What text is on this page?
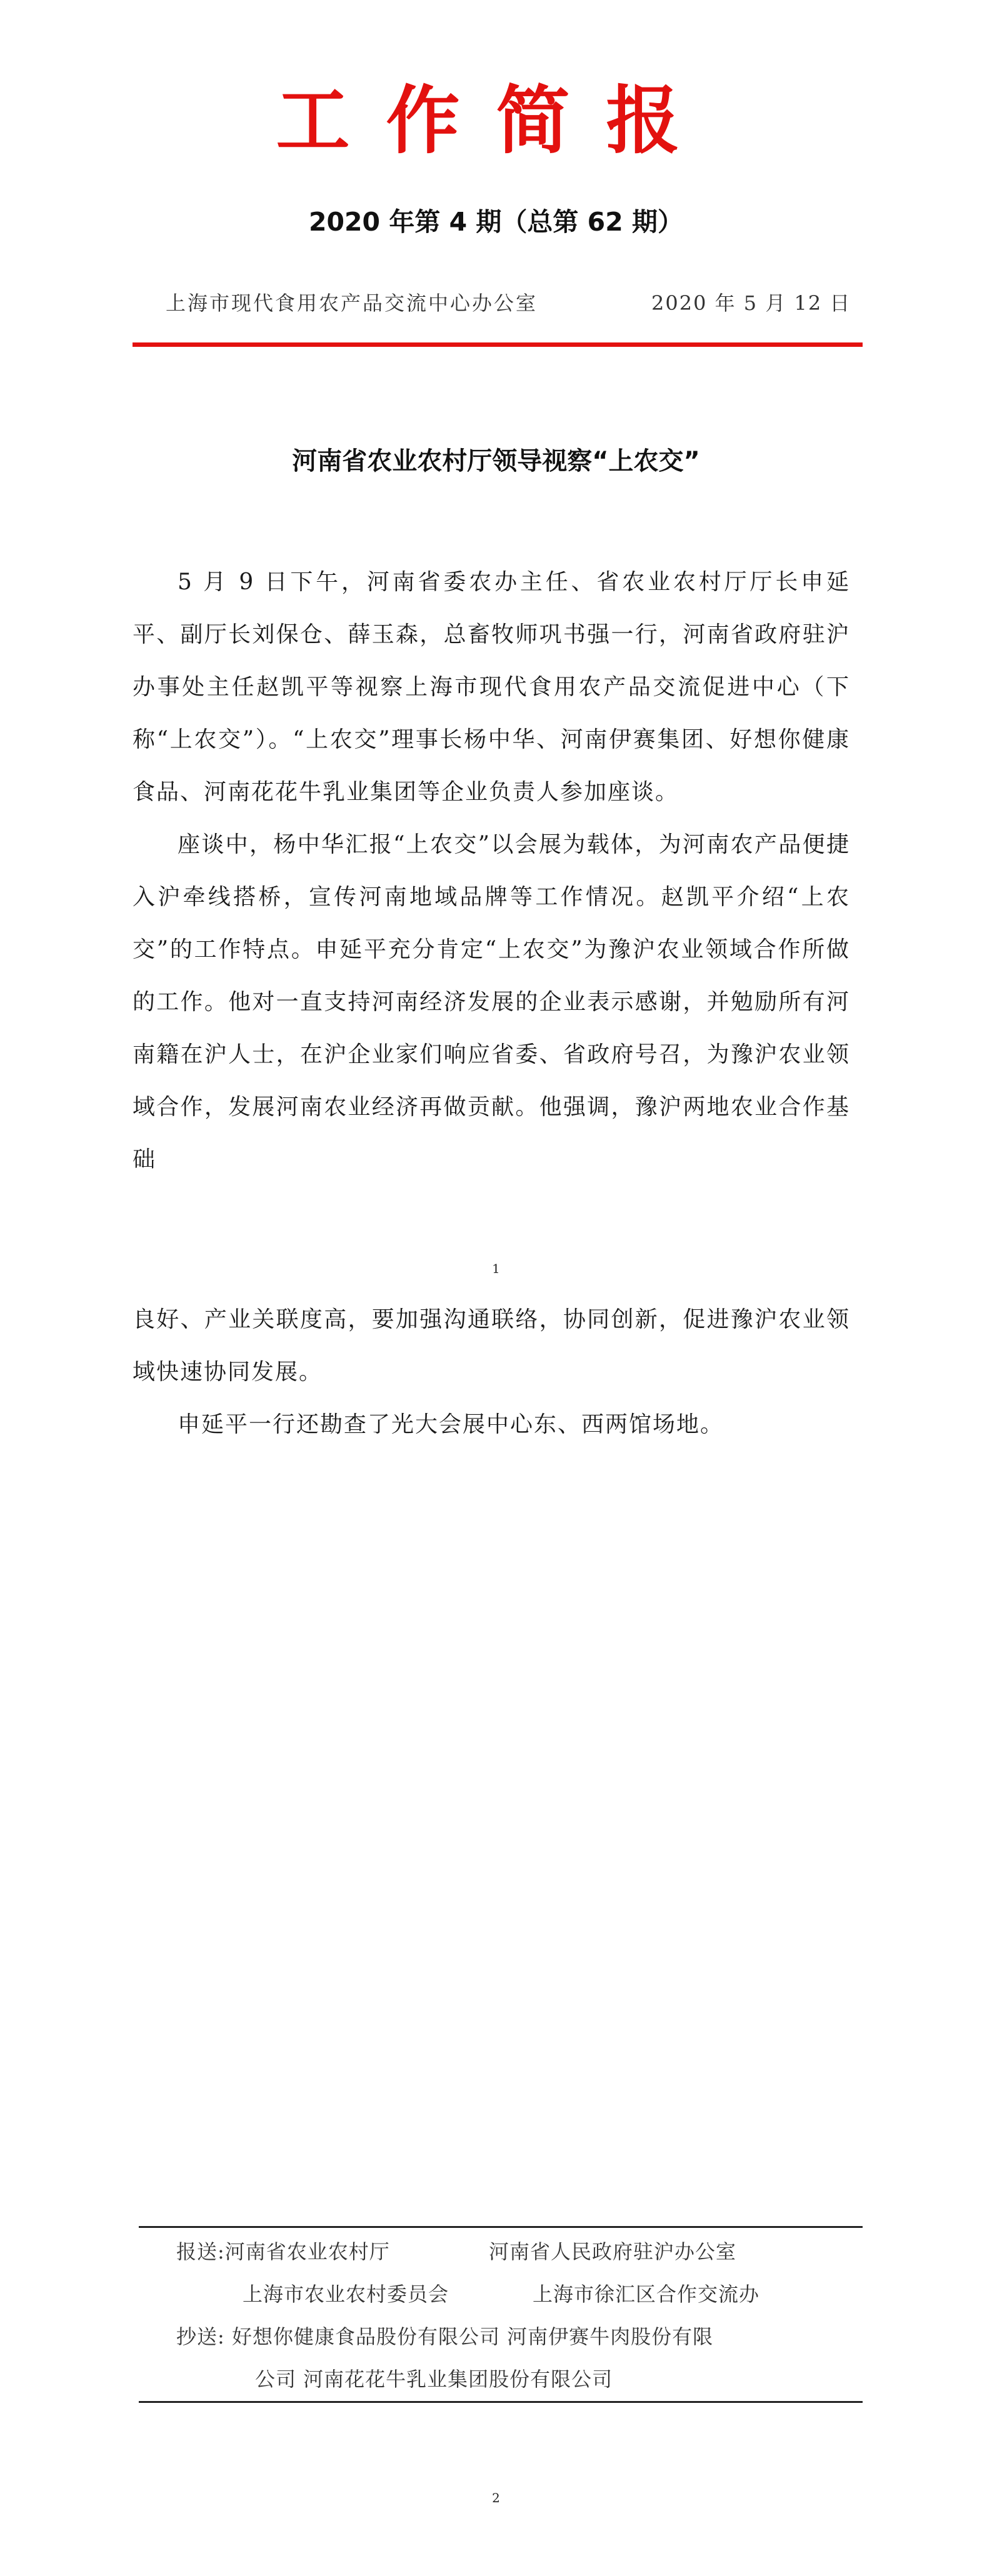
工作简报
2020 年第 4 期（总第 62 期）
上海市现代食用农产品交流中心办公室	2020 年 5 月 12 日
河南省农业农村厅领导视察“上农交”

5 月 9 日下午，河南省委农办主任、省农业农村厅厅长申延平、副厅长刘保仓、薛玉森，总畜牧师巩书强一行，河南省政府驻沪办事处主任赵凯平等视察上海市现代食用农产品交流促进中心（下称“上农交”）。“上农交”理事长杨中华、河南伊赛集团、好想你健康食品、河南花花牛乳业集团等企业负责人参加座谈。

座谈中，杨中华汇报“上农交”以会展为载体，为河南农产品便捷入沪牵线搭桥，宣传河南地域品牌等工作情况。赵凯平介绍“上农交”的工作特点。申延平充分肯定“上农交”为豫沪农业领域合作所做的工作。他对一直支持河南经济发展的企业表示感谢，并勉励所有河南籍在沪人士，在沪企业家们响应省委、省政府号召，为豫沪农业领域合作，发展河南农业经济再做贡献。他强调，豫沪两地农业合作基础

1
良好、产业关联度高，要加强沟通联络，协同创新，促进豫沪农业领域快速协同发展。

申延平一行还勘查了光大会展中心东、西两馆场地。

报送:河南省农业农村厅	河南省人民政府驻沪办公室
上海市农业农村委员会	上海市徐汇区合作交流办
抄送: 好想你健康食品股份有限公司 河南伊赛牛肉股份有限
公司 河南花花牛乳业集团股份有限公司
2
